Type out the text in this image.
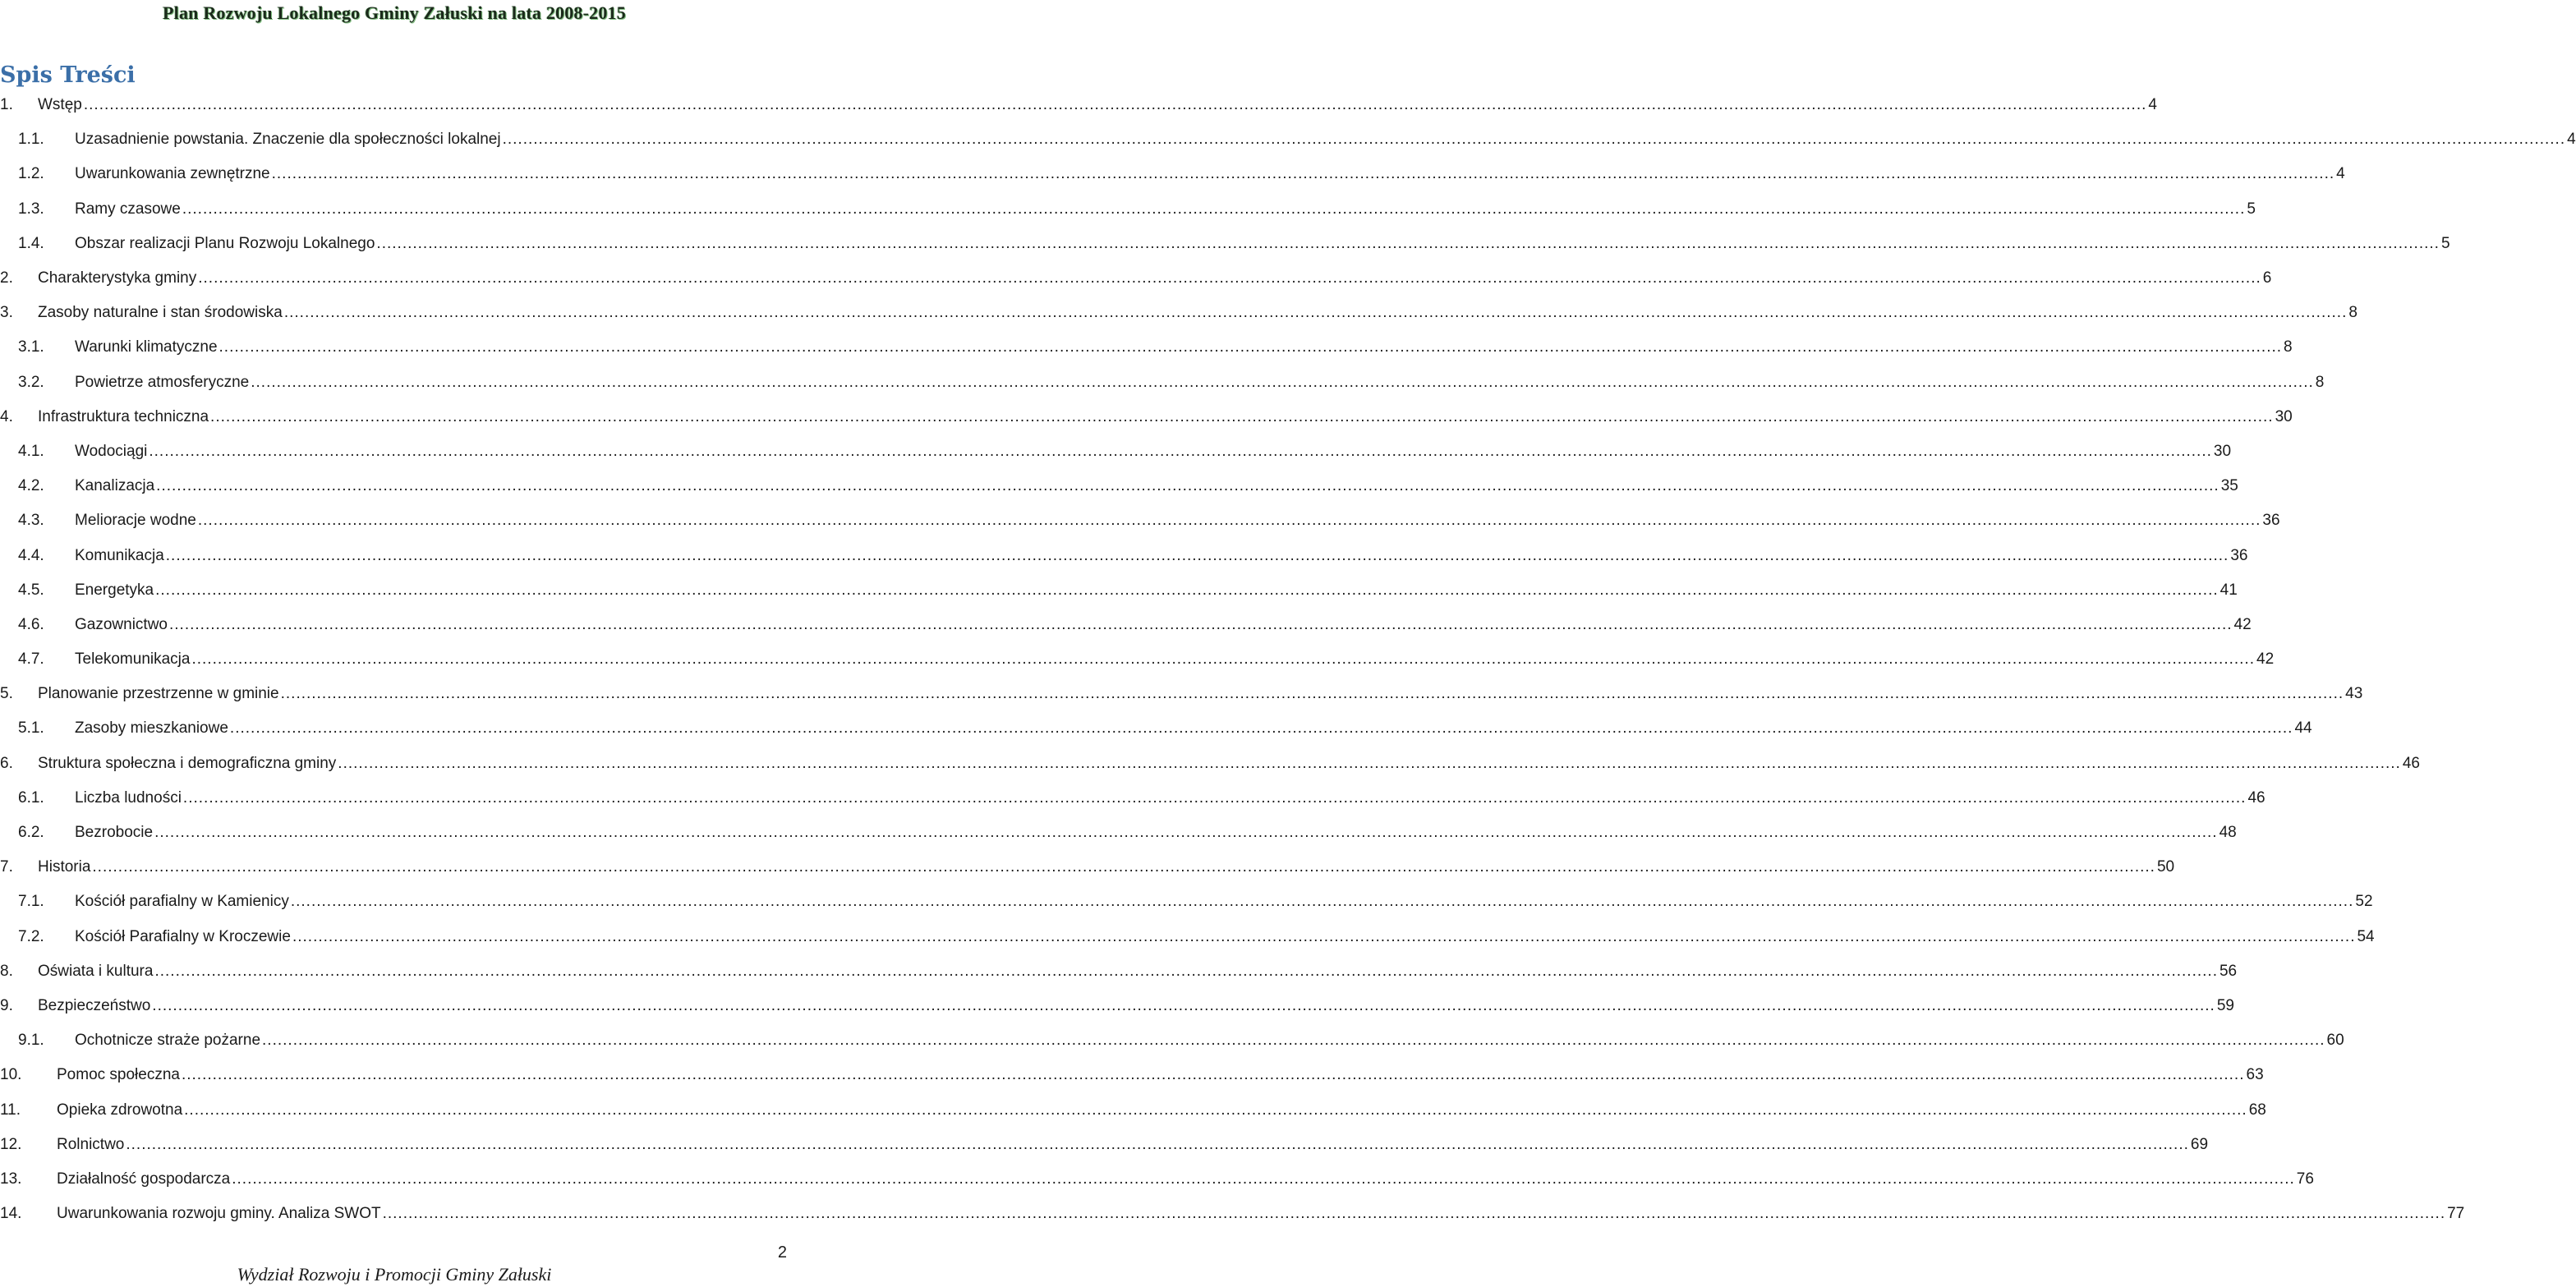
Plan Rozwoju Lokalnego Gminy Załuski na lata 2008-2015
Spis Treści
1. Wstęp ................................................................................................................................................................................................................................................................................................................................................................................................................ 4
1.1. Uzasadnienie powstania. Znaczenie dla społeczności lokalnej ................................................................................................................................................................................................................................................................................................................................................................................................................ 4
1.2. Uwarunkowania zewnętrzne ................................................................................................................................................................................................................................................................................................................................................................................................................ 4
1.3. Ramy czasowe ................................................................................................................................................................................................................................................................................................................................................................................................................ 5
1.4. Obszar realizacji Planu Rozwoju Lokalnego ................................................................................................................................................................................................................................................................................................................................................................................................................ 5
2. Charakterystyka gminy ................................................................................................................................................................................................................................................................................................................................................................................................................ 6
3. Zasoby naturalne i stan środowiska ................................................................................................................................................................................................................................................................................................................................................................................................................ 8
3.1. Warunki klimatyczne ................................................................................................................................................................................................................................................................................................................................................................................................................ 8
3.2. Powietrze atmosferyczne ................................................................................................................................................................................................................................................................................................................................................................................................................ 8
4. Infrastruktura techniczna ................................................................................................................................................................................................................................................................................................................................................................................................................ 30
4.1. Wodociągi ................................................................................................................................................................................................................................................................................................................................................................................................................ 30
4.2. Kanalizacja ................................................................................................................................................................................................................................................................................................................................................................................................................ 35
4.3. Melioracje wodne ................................................................................................................................................................................................................................................................................................................................................................................................................ 36
4.4. Komunikacja ................................................................................................................................................................................................................................................................................................................................................................................................................ 36
4.5. Energetyka ................................................................................................................................................................................................................................................................................................................................................................................................................ 41
4.6. Gazownictwo ................................................................................................................................................................................................................................................................................................................................................................................................................ 42
4.7. Telekomunikacja ................................................................................................................................................................................................................................................................................................................................................................................................................ 42
5. Planowanie przestrzenne w gminie ................................................................................................................................................................................................................................................................................................................................................................................................................ 43
5.1. Zasoby mieszkaniowe ................................................................................................................................................................................................................................................................................................................................................................................................................ 44
6. Struktura społeczna i demograficzna gminy ................................................................................................................................................................................................................................................................................................................................................................................................................ 46
6.1. Liczba ludności ................................................................................................................................................................................................................................................................................................................................................................................................................ 46
6.2. Bezrobocie ................................................................................................................................................................................................................................................................................................................................................................................................................ 48
7. Historia ................................................................................................................................................................................................................................................................................................................................................................................................................ 50
7.1. Kościół parafialny w Kamienicy ................................................................................................................................................................................................................................................................................................................................................................................................................ 52
7.2. Kościół Parafialny w Kroczewie ................................................................................................................................................................................................................................................................................................................................................................................................................ 54
8. Oświata i kultura ................................................................................................................................................................................................................................................................................................................................................................................................................ 56
9. Bezpieczeństwo ................................................................................................................................................................................................................................................................................................................................................................................................................ 59
9.1. Ochotnicze straże pożarne ................................................................................................................................................................................................................................................................................................................................................................................................................ 60
10. Pomoc społeczna ................................................................................................................................................................................................................................................................................................................................................................................................................ 63
11. Opieka zdrowotna ................................................................................................................................................................................................................................................................................................................................................................................................................ 68
12. Rolnictwo ................................................................................................................................................................................................................................................................................................................................................................................................................ 69
13. Działalność gospodarcza ................................................................................................................................................................................................................................................................................................................................................................................................................ 76
14. Uwarunkowania rozwoju gminy. Analiza SWOT ................................................................................................................................................................................................................................................................................................................................................................................................................ 77
2
Wydział Rozwoju i Promocji Gminy Załuski
